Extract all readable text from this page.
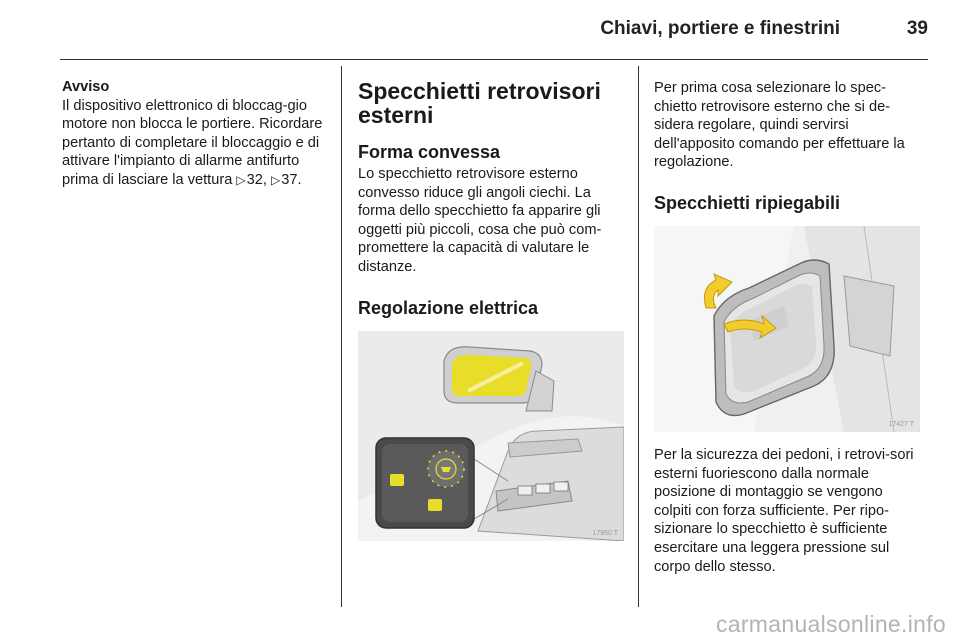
Chiavi, portiere e finestrini	39
Avviso

Il dispositivo elettronico di bloccag-gio motore non blocca le portiere. Ricordare pertanto di completare il bloccaggio e di attivare l'impianto di allarme antifurto prima di lasciare la vettura ▷32, ▷37.

Specchietti retrovisori
esterni
Forma convessa

Lo specchietto retrovisore esterno convesso riduce gli angoli ciechi. La forma dello specchietto fa apparire gli oggetti più piccoli, cosa che può com-promettere la capacità di valutare le distanze.

Regolazione elettrica
17950 T

Per prima cosa selezionare lo spec-chietto retrovisore esterno che si de-sidera regolare, quindi servirsi dell'apposito comando per effettuare la regolazione.

Specchietti ripiegabili
17427 T

Per la sicurezza dei pedoni, i retrovi-sori esterni fuoriescono dalla normale posizione di montaggio se vengono colpiti con forza sufficiente. Per ripo-sizionare lo specchietto è sufficiente esercitare una leggera pressione sul corpo dello stesso.

carmanualsonline.info
